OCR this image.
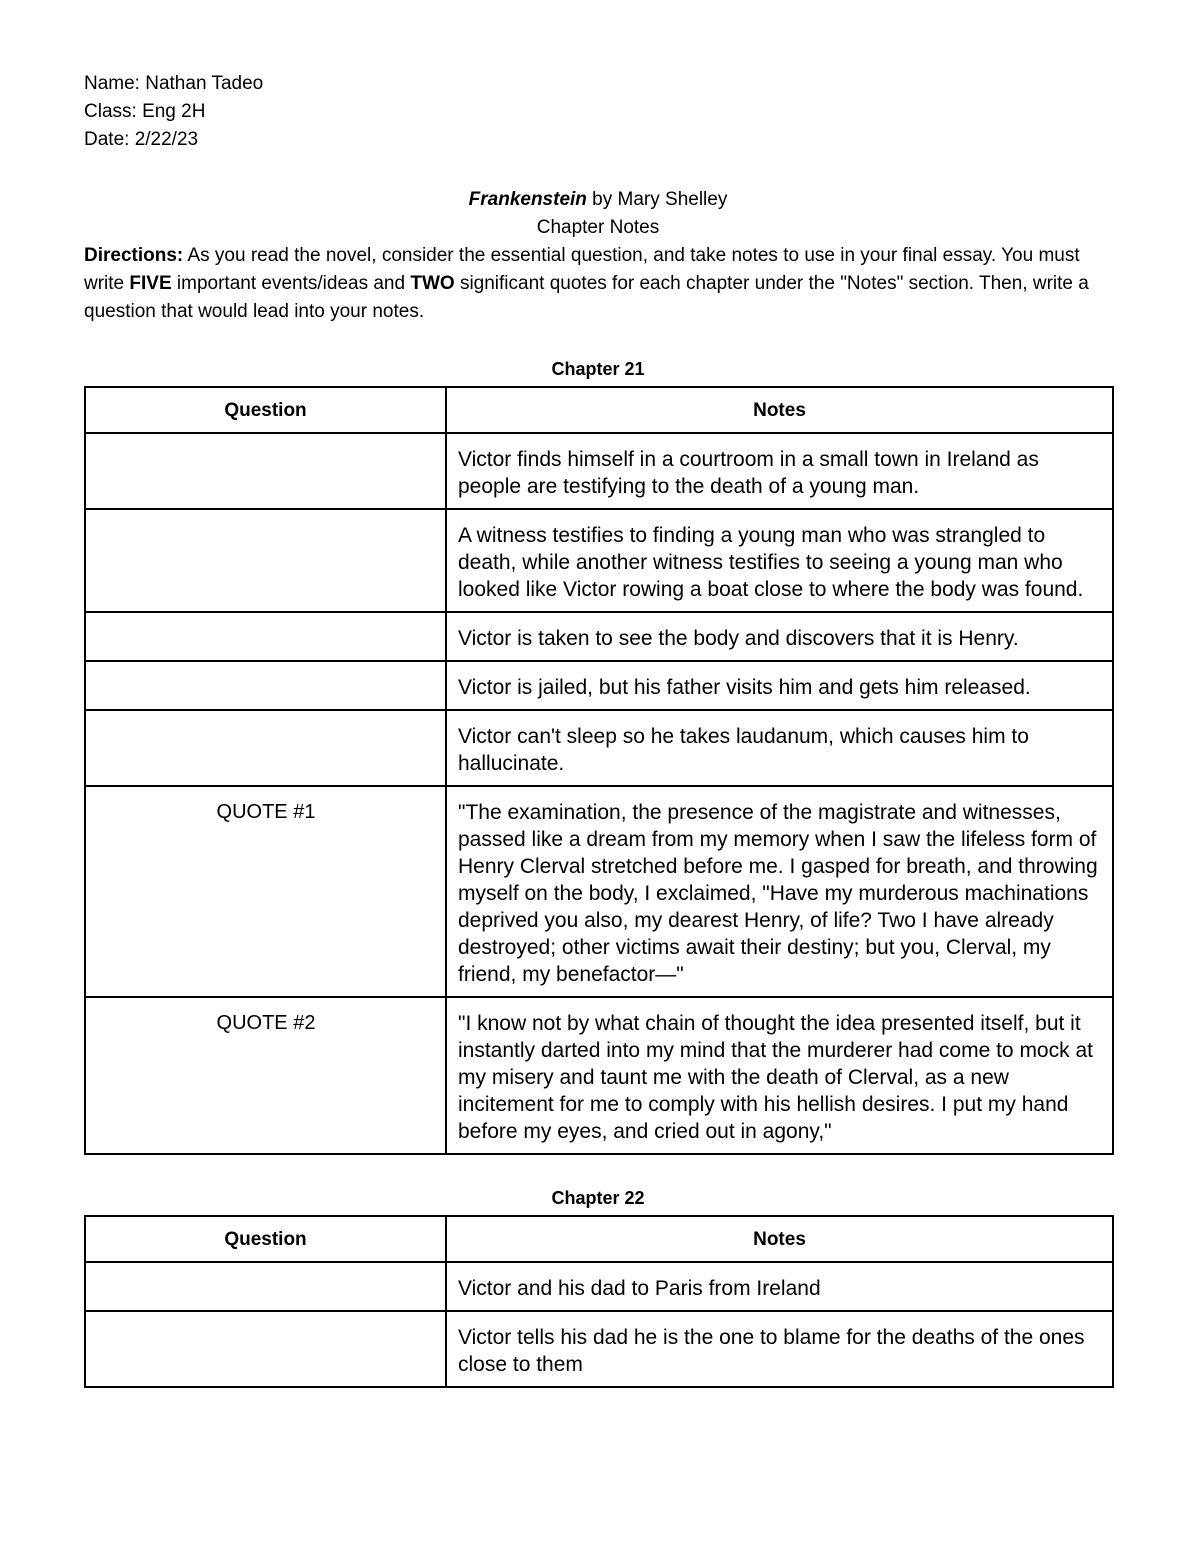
Name: Nathan Tadeo
Class: Eng 2H
Date: 2/22/23
Frankenstein by Mary Shelley
Chapter Notes
Directions: As you read the novel, consider the essential question, and take notes to use in your final essay. You must write FIVE important events/ideas and TWO significant quotes for each chapter under the "Notes" section. Then, write a question that would lead into your notes.
Chapter 21
Question	Notes
	Victor finds himself in a courtroom in a small town in Ireland as people are testifying to the death of a young man.
	A witness testifies to finding a young man who was strangled to death, while another witness testifies to seeing a young man who looked like Victor rowing a boat close to where the body was found.
	Victor is taken to see the body and discovers that it is Henry.
	Victor is jailed, but his father visits him and gets him released.
	Victor can't sleep so he takes laudanum, which causes him to hallucinate.
QUOTE #1	"The examination, the presence of the magistrate and witnesses, passed like a dream from my memory when I saw the lifeless form of Henry Clerval stretched before me. I gasped for breath, and throwing myself on the body, I exclaimed, "Have my murderous machinations deprived you also, my dearest Henry, of life? Two I have already destroyed; other victims await their destiny; but you, Clerval, my friend, my benefactor—"
QUOTE #2	"I know not by what chain of thought the idea presented itself, but it instantly darted into my mind that the murderer had come to mock at my misery and taunt me with the death of Clerval, as a new incitement for me to comply with his hellish desires. I put my hand before my eyes, and cried out in agony,"
Chapter 22
Question	Notes
	Victor and his dad to Paris from Ireland
	Victor tells his dad he is the one to blame for the deaths of the ones close to them
